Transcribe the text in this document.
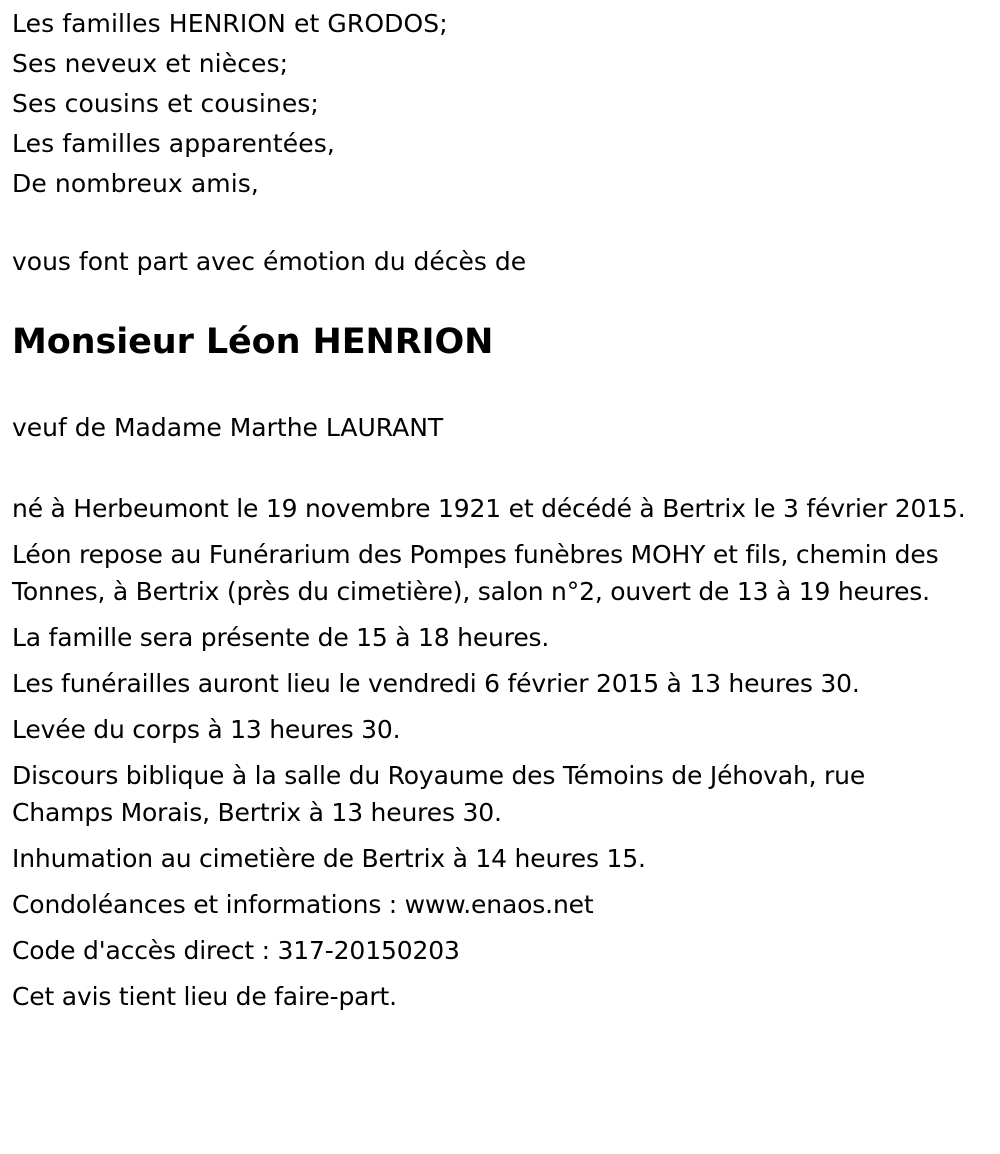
Les familles HENRION et GRODOS;
Ses neveux et nièces;
Ses cousins et cousines;
Les familles apparentées,
De nombreux amis,

vous font part avec émotion du décès de

Monsieur Léon HENRION

veuf de Madame Marthe LAURANT

né à Herbeumont le 19 novembre 1921 et décédé à Bertrix le 3 février 2015.

Léon repose au Funérarium des Pompes funèbres MOHY et fils, chemin des Tonnes, à Bertrix (près du cimetière), salon n°2, ouvert de 13 à 19 heures.

La famille sera présente de 15 à 18 heures.

Les funérailles auront lieu le vendredi 6 février 2015 à 13 heures 30.

Levée du corps à 13 heures 30.

Discours biblique à la salle du Royaume des Témoins de Jéhovah, rue Champs Morais, Bertrix à 13 heures 30.

Inhumation au cimetière de Bertrix à 14 heures 15.

Condoléances et informations : www.enaos.net

Code d'accès direct : 317-20150203

Cet avis tient lieu de faire-part.
